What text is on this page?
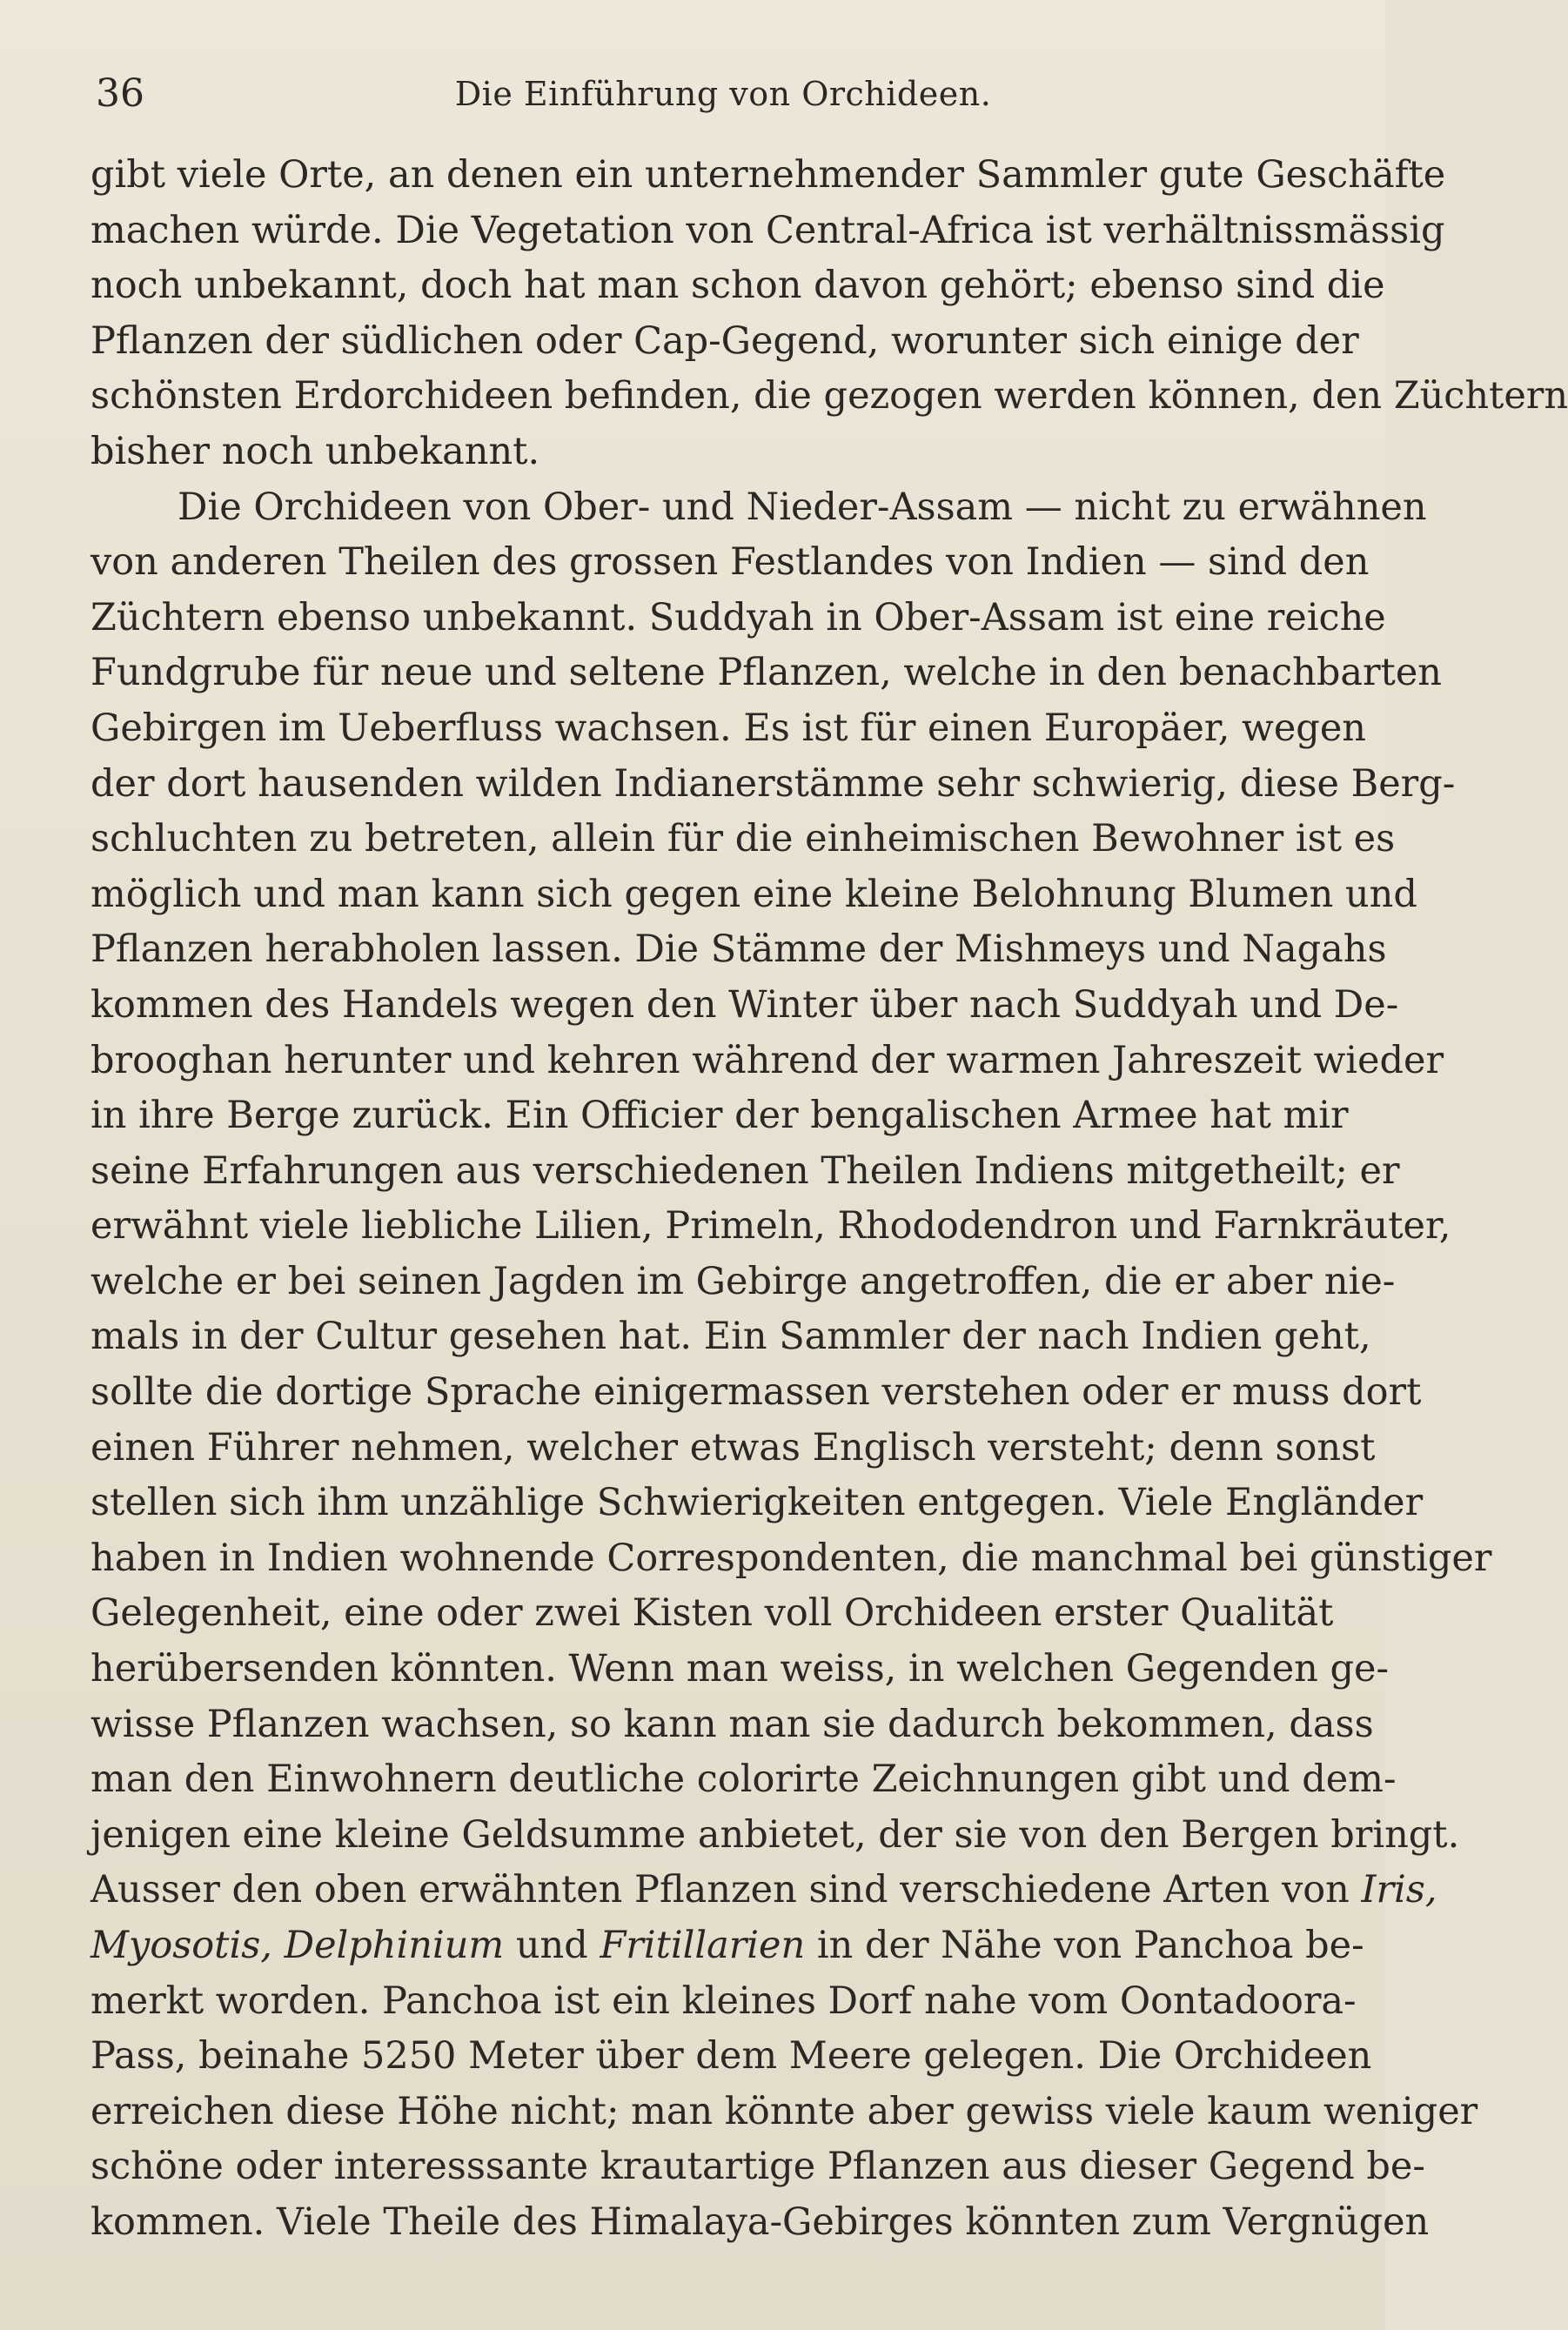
36	Die Einführung von Orchideen.
gibt viele Orte, an denen ein unternehmender Sammler gute Geschäfte
machen würde. Die Vegetation von Central-Africa ist verhältnissmässig
noch unbekannt, doch hat man schon davon gehört; ebenso sind die
Pflanzen der südlichen oder Cap-Gegend, worunter sich einige der
schönsten Erdorchideen befinden, die gezogen werden können, den Züchtern
bisher noch unbekannt.
Die Orchideen von Ober- und Nieder-Assam — nicht zu erwähnen
von anderen Theilen des grossen Festlandes von Indien — sind den
Züchtern ebenso unbekannt. Suddyah in Ober-Assam ist eine reiche
Fundgrube für neue und seltene Pflanzen, welche in den benachbarten
Gebirgen im Ueberfluss wachsen. Es ist für einen Europäer, wegen
der dort hausenden wilden Indianerstämme sehr schwierig, diese Berg-
schluchten zu betreten, allein für die einheimischen Bewohner ist es
möglich und man kann sich gegen eine kleine Belohnung Blumen und
Pflanzen herabholen lassen. Die Stämme der Mishmeys und Nagahs
kommen des Handels wegen den Winter über nach Suddyah und De-
brooghan herunter und kehren während der warmen Jahreszeit wieder
in ihre Berge zurück. Ein Officier der bengalischen Armee hat mir
seine Erfahrungen aus verschiedenen Theilen Indiens mitgetheilt; er
erwähnt viele liebliche Lilien, Primeln, Rhododendron und Farnkräuter,
welche er bei seinen Jagden im Gebirge angetroffen, die er aber nie-
mals in der Cultur gesehen hat. Ein Sammler der nach Indien geht,
sollte die dortige Sprache einigermassen verstehen oder er muss dort
einen Führer nehmen, welcher etwas Englisch versteht; denn sonst
stellen sich ihm unzählige Schwierigkeiten entgegen. Viele Engländer
haben in Indien wohnende Correspondenten, die manchmal bei günstiger
Gelegenheit, eine oder zwei Kisten voll Orchideen erster Qualität
herübersenden könnten. Wenn man weiss, in welchen Gegenden ge-
wisse Pflanzen wachsen, so kann man sie dadurch bekommen, dass
man den Einwohnern deutliche colorirte Zeichnungen gibt und dem-
jenigen eine kleine Geldsumme anbietet, der sie von den Bergen bringt.
Ausser den oben erwähnten Pflanzen sind verschiedene Arten von Iris,
Myosotis, Delphinium und Fritillarien in der Nähe von Panchoa be-
merkt worden. Panchoa ist ein kleines Dorf nahe vom Oontadoora-
Pass, beinahe 5250 Meter über dem Meere gelegen. Die Orchideen
erreichen diese Höhe nicht; man könnte aber gewiss viele kaum weniger
schöne oder interesssante krautartige Pflanzen aus dieser Gegend be-
kommen. Viele Theile des Himalaya-Gebirges könnten zum Vergnügen
